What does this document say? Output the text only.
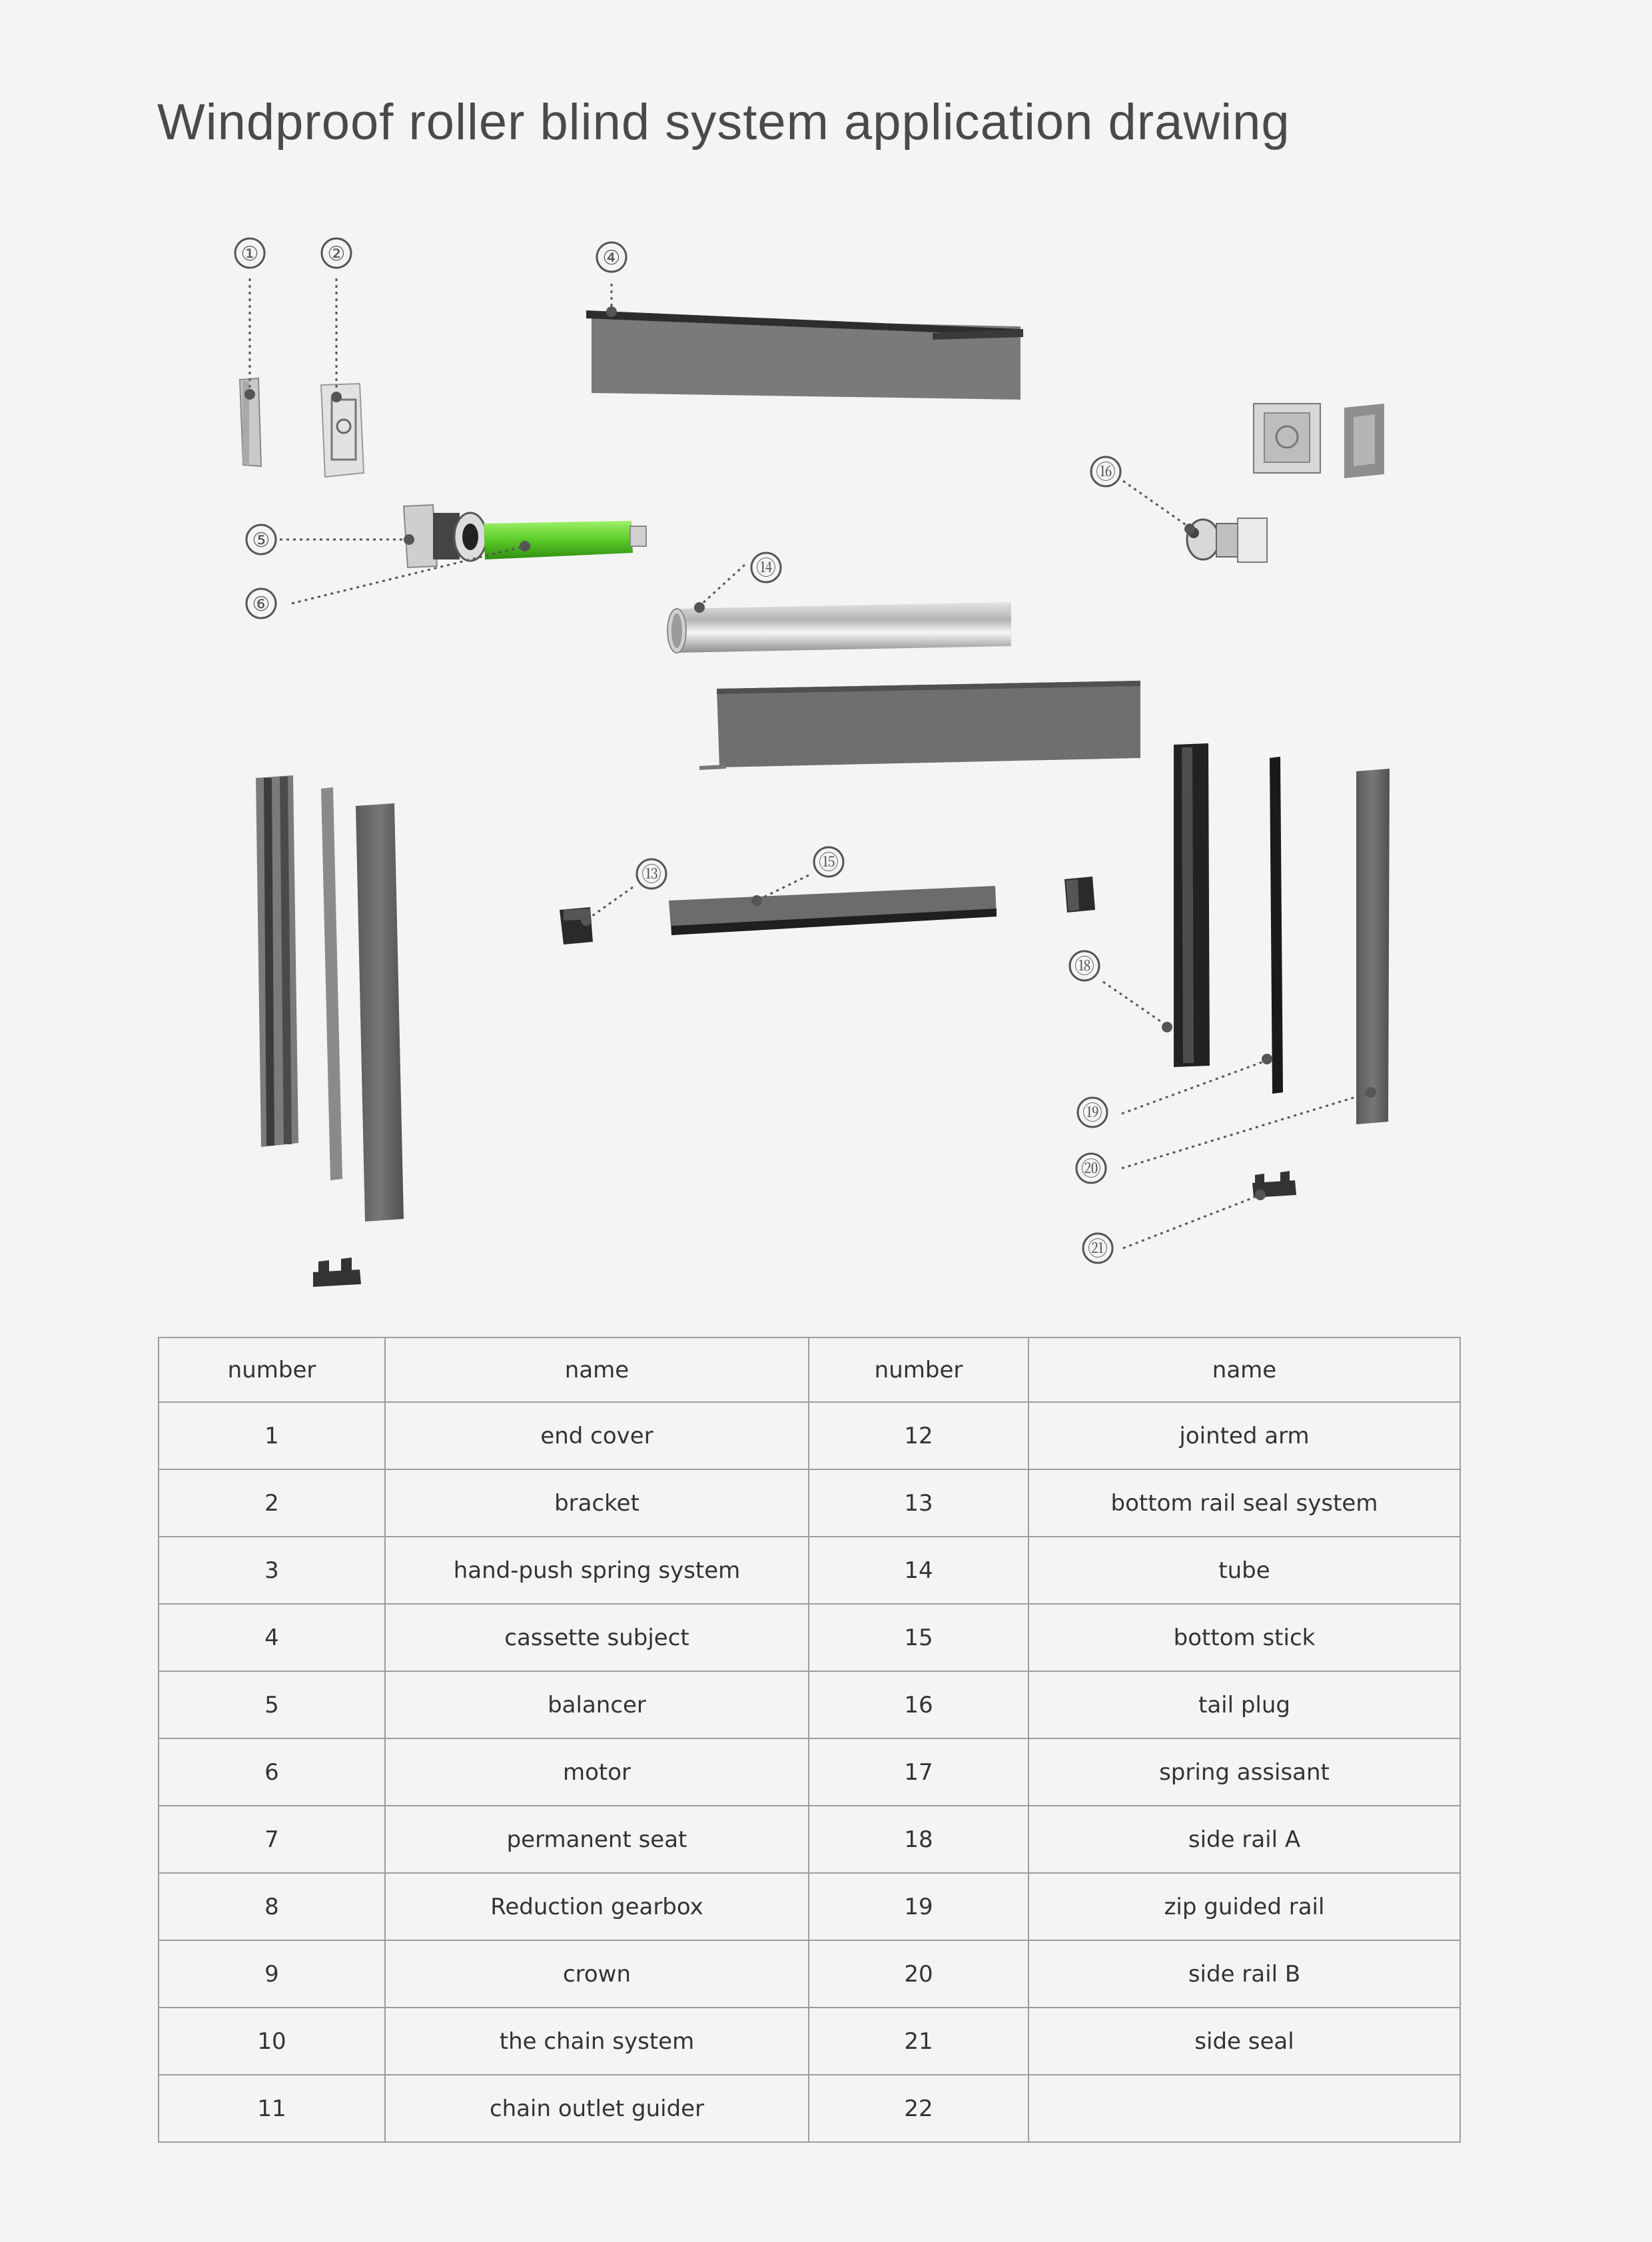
Windproof roller blind system application drawing
①	②	④
⑤
⑥
⑬
⑭
⑮
⑯
⑱
⑲
⑳
㉑
number	name	number	name
1	end cover	12	jointed arm
2	bracket	13	bottom rail seal system
3	hand-push spring system	14	tube
4	cassette subject	15	bottom stick
5	balancer	16	tail plug
6	motor	17	spring assisant
7	permanent seat	18	side rail A
8	Reduction gearbox	19	zip guided rail
9	crown	20	side rail B
10	the chain system	21	side seal
11	chain outlet guider	22	
